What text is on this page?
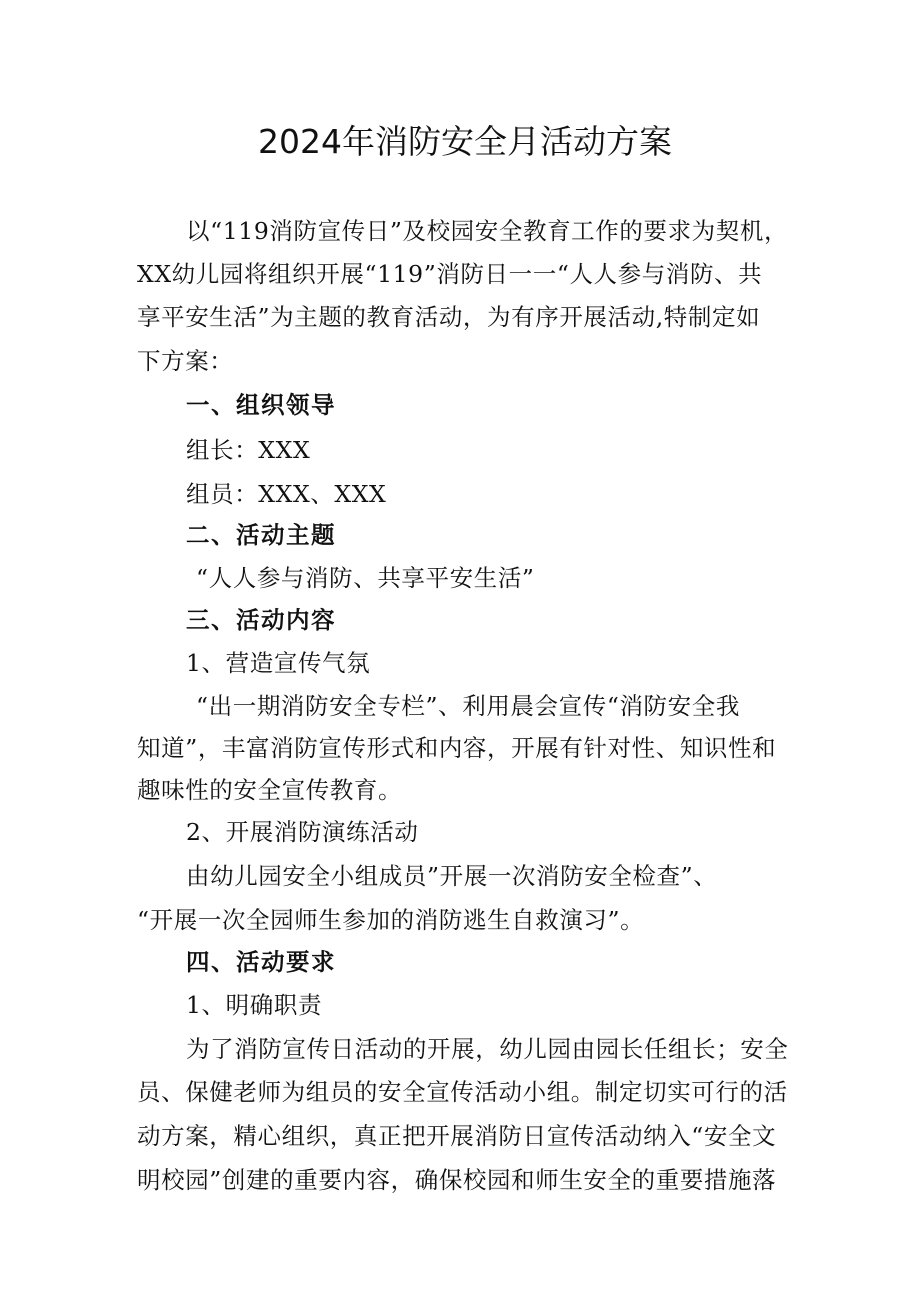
2024年消防安全月活动方案
以“119消防宣传日”及校园安全教育工作的要求为契机，
XX幼儿园将组织开展“119”消防日一一“人人参与消防、共
享平安生活”为主题的教育活动，为有序开展活动,特制定如
下方案：
一、组织领导
组长：XXX
组员：XXX、XXX
二、活动主题
“人人参与消防、共享平安生活”
三、活动内容
1、营造宣传气氛
“出一期消防安全专栏”、利用晨会宣传“消防安全我
知道”，丰富消防宣传形式和内容，开展有针对性、知识性和
趣味性的安全宣传教育。
2、开展消防演练活动
由幼儿园安全小组成员”开展一次消防安全检查”、
“开展一次全园师生参加的消防逃生自救演习”。
四、活动要求
1、明确职责
为了消防宣传日活动的开展，幼儿园由园长任组长；安全
员、保健老师为组员的安全宣传活动小组。制定切实可行的活
动方案，精心组织，真正把开展消防日宣传活动纳入“安全文
明校园”创建的重要内容，确保校园和师生安全的重要措施落
